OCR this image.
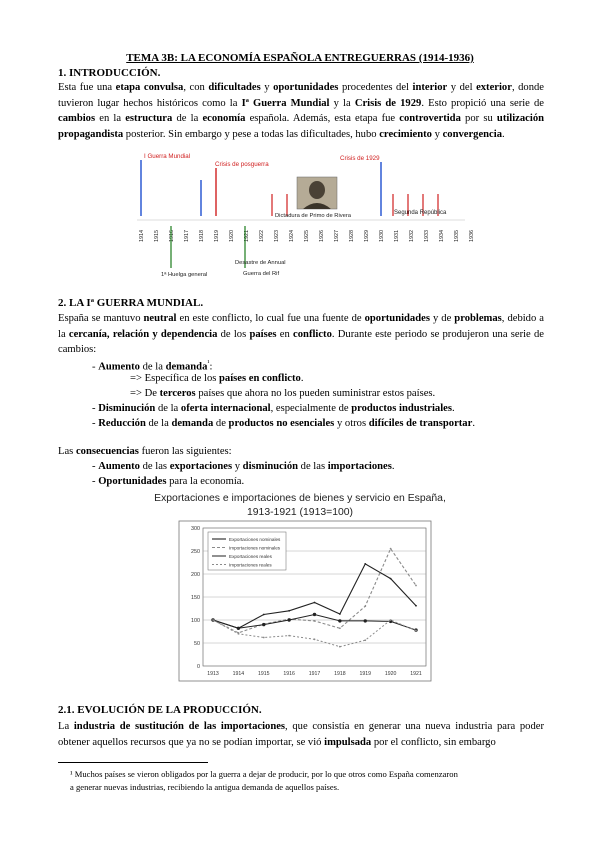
TEMA 3B: LA ECONOMÍA ESPAÑOLA ENTREGUERRAS (1914-1936)
1. INTRODUCCIÓN.
Esta fue una etapa convulsa, con dificultades y oportunidades procedentes del interior y del exterior, donde tuvieron lugar hechos históricos como la Iª Guerra Mundial y la Crisis de 1929. Esto propició una serie de cambios en la estructura de la economía española. Además, esta etapa fue controvertida por su utilización propagandista posterior. Sin embargo y pese a todas las dificultades, hubo crecimiento y convergencia.
1914 1915 1916 1917 1918 1919 1920 1921 1922 1923 1924 1925 1926 1927 1928 1929 1930 1931 1932 1933 1934 1935 1936
I Guerra Mundial
Crisis de posguerra
Crisis de 1929
Dictadura de Primo de Rivera	Segunda República
1ª Huelga general
Desastre de Annual
Guerra del Rif
2. LA Iª GUERRA MUNDIAL.
España se mantuvo neutral en este conflicto, lo cual fue una fuente de oportunidades y de problemas, debido a la cercanía, relación y dependencia de los países en conflicto. Durante este periodo se produjeron una serie de cambios:
- Aumento de la demanda$^{^1}$:
=> Específica de los países en conflicto.
=> De terceros países que ahora no los pueden suministrar estos países.
- Disminución de la oferta internacional, especialmente de productos industriales.
- Reducción de la demanda de productos no esenciales y otros difíciles de transportar.
Las consecuencias fueron las siguientes:
- Aumento de las exportaciones y disminución de las importaciones.
- Oportunidades para la economía.
Exportaciones e importaciones de bienes y servicio en España, 1913-1921 (1913=100)
0
50
100
150
200
250
300
1913	1914	1915	1916	1917	1918	1919	1920	1921
Exportaciones nominales
Importaciones nominales
Exportaciones reales
Importaciones reales
2.1. EVOLUCIÓN DE LA PRODUCCIÓN.
La industria de sustitución de las importaciones, que consistía en generar una nueva industria para poder obtener aquellos recursos que ya no se podían importar, se vió impulsada por el conflicto, sin embargo
¹ Muchos países se vieron obligados por la guerra a dejar de producir, por lo que otros como España comenzaron
a generar nuevas industrias, recibiendo la antigua demanda de aquellos países.
